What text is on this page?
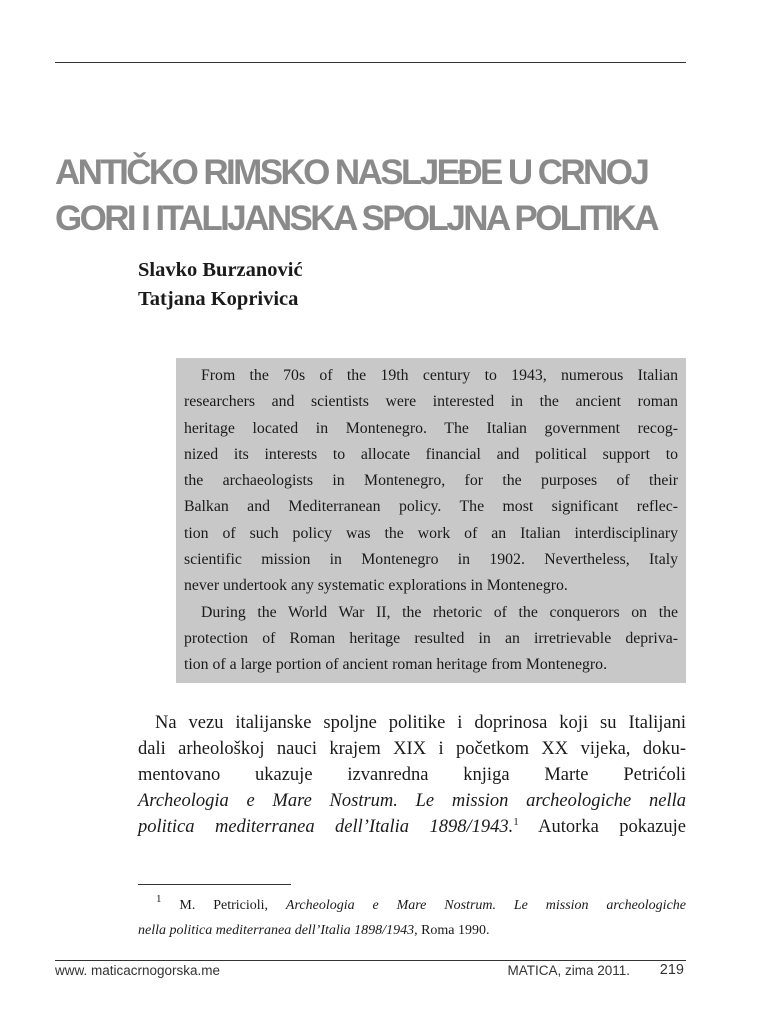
ANTIČKO RIMSKO NASLJEĐE U CRNOJ
GORI I ITALIJANSKA SPOLJNA POLITIKA
Slavko Burzanović
Tatjana Koprivica
From the 70s of the 19th century to 1943, numerous Italian
researchers and scientists were interested in the ancient roman
heritage located in Montenegro. The Italian government recog-
nized its interests to allocate financial and political support to
the archaeologists in Montenegro, for the purposes of their
Balkan and Mediterranean policy. The most significant reflec-
tion of such policy was the work of an Italian interdisciplinary
scientific mission in Montenegro in 1902. Nevertheless, Italy
never undertook any systematic explorations in Montenegro.
During the World War II, the rhetoric of the conquerors on the
protection of Roman heritage resulted in an irretrievable depriva-
tion of a large portion of ancient roman heritage from Montenegro.
Na vezu italijanske spoljne politike i doprinosa koji su Italijani
dali arheološkoj nauci krajem XIX i početkom XX vijeka, doku-
mentovano ukazuje izvanredna knjiga Marte Petrićoli
Archeologia e Mare Nostrum. Le mission archeologiche nella
politica mediterranea dell’Italia 1898/1943.$^1$ Autorka pokazuje
$^1$ M. Petricioli, Archeologia e Mare Nostrum. Le mission archeologiche
nella politica mediterranea dell’Italia 1898/1943, Roma 1990.
www. maticacrnogorska.me	MATICA, zima 2011. 219
